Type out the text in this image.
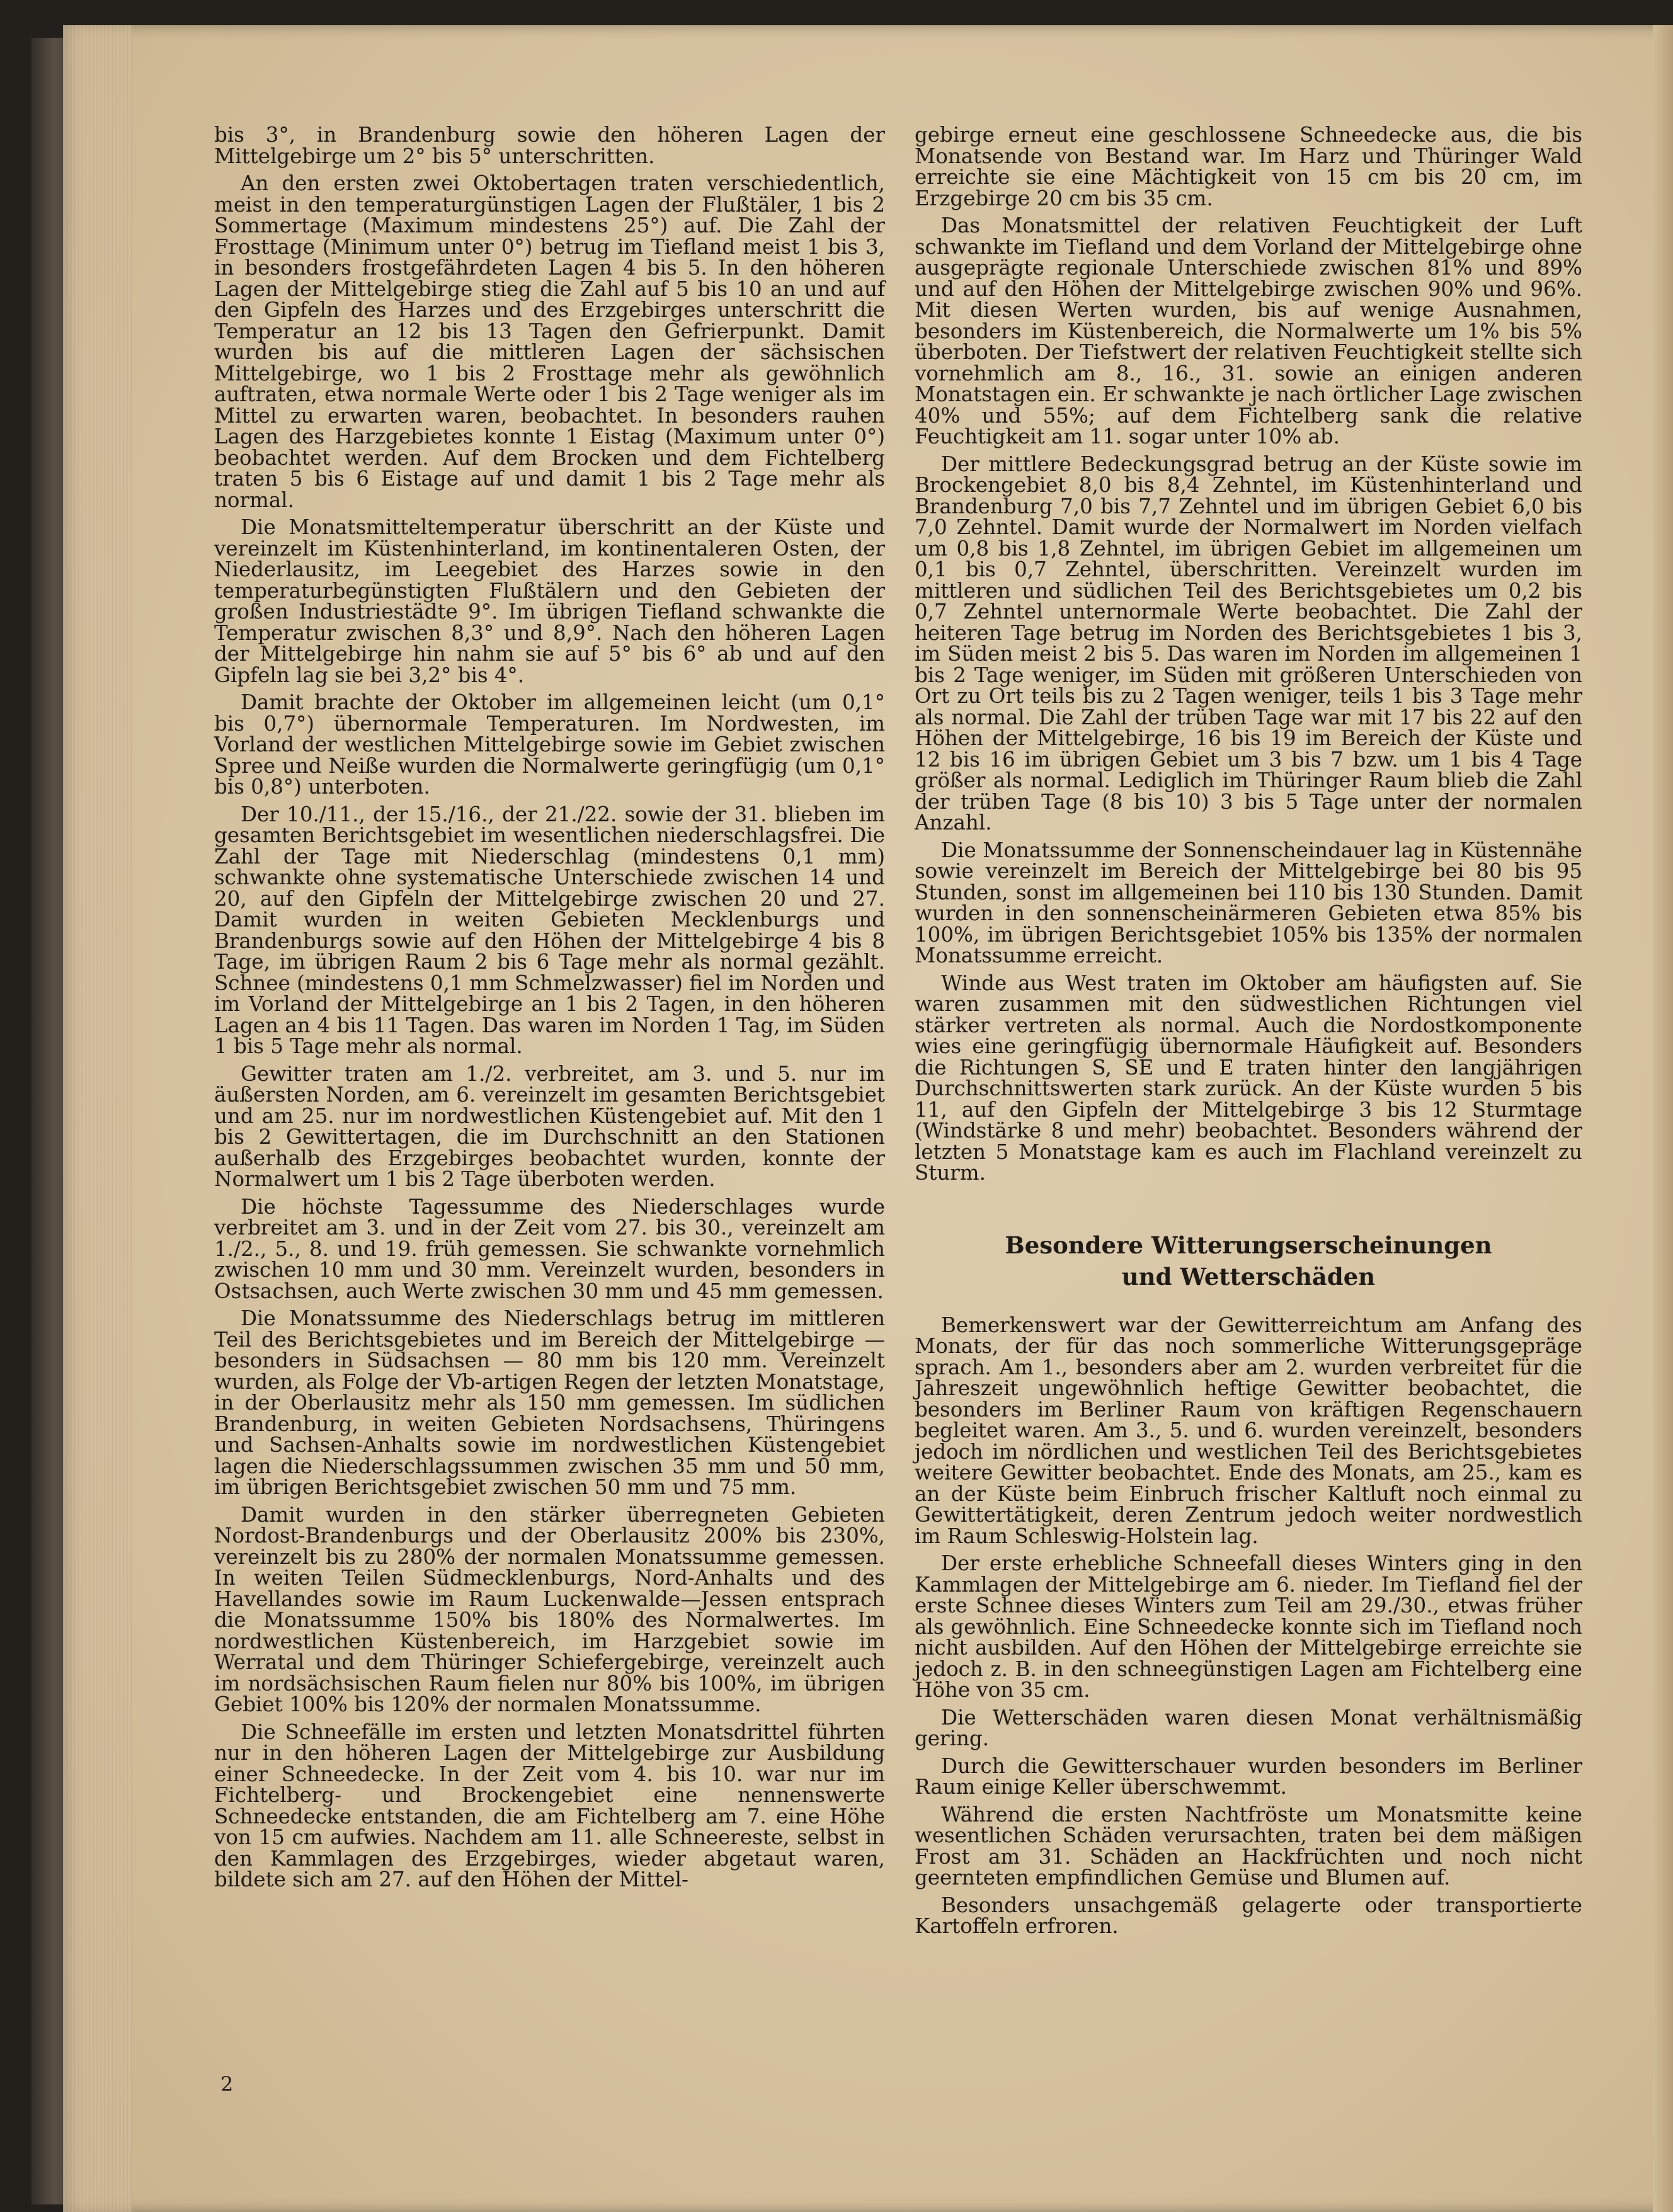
bis 3°, in Brandenburg sowie den höheren Lagen der Mittelgebirge um 2° bis 5° unterschritten.

An den ersten zwei Oktobertagen traten verschiedentlich, meist in den temperaturgünstigen Lagen der Flußtäler, 1 bis 2 Sommertage (Maximum mindestens 25°) auf. Die Zahl der Frosttage (Minimum unter 0°) betrug im Tiefland meist 1 bis 3, in besonders frostgefährdeten Lagen 4 bis 5. In den höheren Lagen der Mittelgebirge stieg die Zahl auf 5 bis 10 an und auf den Gipfeln des Harzes und des Erzgebirges unterschritt die Temperatur an 12 bis 13 Tagen den Gefrierpunkt. Damit wurden bis auf die mittleren Lagen der sächsischen Mittelgebirge, wo 1 bis 2 Frosttage mehr als gewöhnlich auftraten, etwa normale Werte oder 1 bis 2 Tage weniger als im Mittel zu erwarten waren, beobachtet. In besonders rauhen Lagen des Harzgebietes konnte 1 Eistag (Maximum unter 0°) beobachtet werden. Auf dem Brocken und dem Fichtelberg traten 5 bis 6 Eistage auf und damit 1 bis 2 Tage mehr als normal.

Die Monatsmitteltemperatur überschritt an der Küste und vereinzelt im Küstenhinterland, im kontinentaleren Osten, der Niederlausitz, im Leegebiet des Harzes sowie in den temperaturbegünstigten Flußtälern und den Gebieten der großen Industriestädte 9°. Im übrigen Tiefland schwankte die Temperatur zwischen 8,3° und 8,9°. Nach den höheren Lagen der Mittelgebirge hin nahm sie auf 5° bis 6° ab und auf den Gipfeln lag sie bei 3,2° bis 4°.

Damit brachte der Oktober im allgemeinen leicht (um 0,1° bis 0,7°) übernormale Temperaturen. Im Nordwesten, im Vorland der westlichen Mittelgebirge sowie im Gebiet zwischen Spree und Neiße wurden die Normalwerte geringfügig (um 0,1° bis 0,8°) unterboten.

Der 10./11., der 15./16., der 21./22. sowie der 31. blieben im gesamten Berichtsgebiet im wesentlichen niederschlagsfrei. Die Zahl der Tage mit Niederschlag (mindestens 0,1 mm) schwankte ohne systematische Unterschiede zwischen 14 und 20, auf den Gipfeln der Mittelgebirge zwischen 20 und 27. Damit wurden in weiten Gebieten Mecklenburgs und Brandenburgs sowie auf den Höhen der Mittelgebirge 4 bis 8 Tage, im übrigen Raum 2 bis 6 Tage mehr als normal gezählt. Schnee (mindestens 0,1 mm Schmelzwasser) fiel im Norden und im Vorland der Mittelgebirge an 1 bis 2 Tagen, in den höheren Lagen an 4 bis 11 Tagen. Das waren im Norden 1 Tag, im Süden 1 bis 5 Tage mehr als normal.

Gewitter traten am 1./2. verbreitet, am 3. und 5. nur im äußersten Norden, am 6. vereinzelt im gesamten Berichtsgebiet und am 25. nur im nordwestlichen Küstengebiet auf. Mit den 1 bis 2 Gewittertagen, die im Durchschnitt an den Stationen außerhalb des Erzgebirges beobachtet wurden, konnte der Normalwert um 1 bis 2 Tage überboten werden.

Die höchste Tagessumme des Niederschlages wurde verbreitet am 3. und in der Zeit vom 27. bis 30., vereinzelt am 1./2., 5., 8. und 19. früh gemessen. Sie schwankte vornehmlich zwischen 10 mm und 30 mm. Vereinzelt wurden, besonders in Ostsachsen, auch Werte zwischen 30 mm und 45 mm gemessen.

Die Monatssumme des Niederschlags betrug im mittleren Teil des Berichtsgebietes und im Bereich der Mittelgebirge — besonders in Südsachsen — 80 mm bis 120 mm. Vereinzelt wurden, als Folge der Vb-artigen Regen der letzten Monatstage, in der Oberlausitz mehr als 150 mm gemessen. Im südlichen Brandenburg, in weiten Gebieten Nordsachsens, Thüringens und Sachsen-Anhalts sowie im nordwestlichen Küstengebiet lagen die Niederschlagssummen zwischen 35 mm und 50 mm, im übrigen Berichtsgebiet zwischen 50 mm und 75 mm.

Damit wurden in den stärker überregneten Gebieten Nordost-Brandenburgs und der Oberlausitz 200% bis 230%, vereinzelt bis zu 280% der normalen Monatssumme gemessen. In weiten Teilen Südmecklenburgs, Nord-Anhalts und des Havellandes sowie im Raum Luckenwalde—Jessen entsprach die Monatssumme 150% bis 180% des Normalwertes. Im nordwestlichen Küstenbereich, im Harzgebiet sowie im Werratal und dem Thüringer Schiefergebirge, vereinzelt auch im nordsächsischen Raum fielen nur 80% bis 100%, im übrigen Gebiet 100% bis 120% der normalen Monatssumme.

Die Schneefälle im ersten und letzten Monatsdrittel führten nur in den höheren Lagen der Mittelgebirge zur Ausbildung einer Schneedecke. In der Zeit vom 4. bis 10. war nur im Fichtelberg- und Brockengebiet eine nennenswerte Schneedecke entstanden, die am Fichtelberg am 7. eine Höhe von 15 cm aufwies. Nachdem am 11. alle Schneereste, selbst in den Kammlagen des Erzgebirges, wieder abgetaut waren, bildete sich am 27. auf den Höhen der Mittel-

gebirge erneut eine geschlossene Schneedecke aus, die bis Monatsende von Bestand war. Im Harz und Thüringer Wald erreichte sie eine Mächtigkeit von 15 cm bis 20 cm, im Erzgebirge 20 cm bis 35 cm.

Das Monatsmittel der relativen Feuchtigkeit der Luft schwankte im Tiefland und dem Vorland der Mittelgebirge ohne ausgeprägte regionale Unterschiede zwischen 81% und 89% und auf den Höhen der Mittelgebirge zwischen 90% und 96%. Mit diesen Werten wurden, bis auf wenige Ausnahmen, besonders im Küstenbereich, die Normalwerte um 1% bis 5% überboten. Der Tiefstwert der relativen Feuchtigkeit stellte sich vornehmlich am 8., 16., 31. sowie an einigen anderen Monatstagen ein. Er schwankte je nach örtlicher Lage zwischen 40% und 55%; auf dem Fichtelberg sank die relative Feuchtigkeit am 11. sogar unter 10% ab.

Der mittlere Bedeckungsgrad betrug an der Küste sowie im Brockengebiet 8,0 bis 8,4 Zehntel, im Küstenhinterland und Brandenburg 7,0 bis 7,7 Zehntel und im übrigen Gebiet 6,0 bis 7,0 Zehntel. Damit wurde der Normalwert im Norden vielfach um 0,8 bis 1,8 Zehntel, im übrigen Gebiet im allgemeinen um 0,1 bis 0,7 Zehntel, überschritten. Vereinzelt wurden im mittleren und südlichen Teil des Berichtsgebietes um 0,2 bis 0,7 Zehntel unternormale Werte beobachtet. Die Zahl der heiteren Tage betrug im Norden des Berichtsgebietes 1 bis 3, im Süden meist 2 bis 5. Das waren im Norden im allgemeinen 1 bis 2 Tage weniger, im Süden mit größeren Unterschieden von Ort zu Ort teils bis zu 2 Tagen weniger, teils 1 bis 3 Tage mehr als normal. Die Zahl der trüben Tage war mit 17 bis 22 auf den Höhen der Mittelgebirge, 16 bis 19 im Bereich der Küste und 12 bis 16 im übrigen Gebiet um 3 bis 7 bzw. um 1 bis 4 Tage größer als normal. Lediglich im Thüringer Raum blieb die Zahl der trüben Tage (8 bis 10) 3 bis 5 Tage unter der normalen Anzahl.

Die Monatssumme der Sonnenscheindauer lag in Küstennähe sowie vereinzelt im Bereich der Mittelgebirge bei 80 bis 95 Stunden, sonst im allgemeinen bei 110 bis 130 Stunden. Damit wurden in den sonnenscheinärmeren Gebieten etwa 85% bis 100%, im übrigen Berichtsgebiet 105% bis 135% der normalen Monatssumme erreicht.

Winde aus West traten im Oktober am häufigsten auf. Sie waren zusammen mit den südwestlichen Richtungen viel stärker vertreten als normal. Auch die Nordostkomponente wies eine geringfügig übernormale Häufigkeit auf. Besonders die Richtungen S, SE und E traten hinter den langjährigen Durchschnittswerten stark zurück. An der Küste wurden 5 bis 11, auf den Gipfeln der Mittelgebirge 3 bis 12 Sturmtage (Windstärke 8 und mehr) beobachtet. Besonders während der letzten 5 Monatstage kam es auch im Flachland vereinzelt zu Sturm.

Besondere Witterungserscheinungen
und Wetterschäden

Bemerkenswert war der Gewitterreichtum am Anfang des Monats, der für das noch sommerliche Witterungsgepräge sprach. Am 1., besonders aber am 2. wurden verbreitet für die Jahreszeit ungewöhnlich heftige Gewitter beobachtet, die besonders im Berliner Raum von kräftigen Regenschauern begleitet waren. Am 3., 5. und 6. wurden vereinzelt, besonders jedoch im nördlichen und westlichen Teil des Berichtsgebietes weitere Gewitter beobachtet. Ende des Monats, am 25., kam es an der Küste beim Einbruch frischer Kaltluft noch einmal zu Gewittertätigkeit, deren Zentrum jedoch weiter nordwestlich im Raum Schleswig-Holstein lag.

Der erste erhebliche Schneefall dieses Winters ging in den Kammlagen der Mittelgebirge am 6. nieder. Im Tiefland fiel der erste Schnee dieses Winters zum Teil am 29./30., etwas früher als gewöhnlich. Eine Schneedecke konnte sich im Tiefland noch nicht ausbilden. Auf den Höhen der Mittelgebirge erreichte sie jedoch z. B. in den schneegünstigen Lagen am Fichtelberg eine Höhe von 35 cm.

Die Wetterschäden waren diesen Monat verhältnismäßig gering.

Durch die Gewitterschauer wurden besonders im Berliner Raum einige Keller überschwemmt.

Während die ersten Nachtfröste um Monatsmitte keine wesentlichen Schäden verursachten, traten bei dem mäßigen Frost am 31. Schäden an Hackfrüchten und noch nicht geernteten empfindlichen Gemüse und Blumen auf.

Besonders unsachgemäß gelagerte oder transportierte Kartoffeln erfroren.

2
